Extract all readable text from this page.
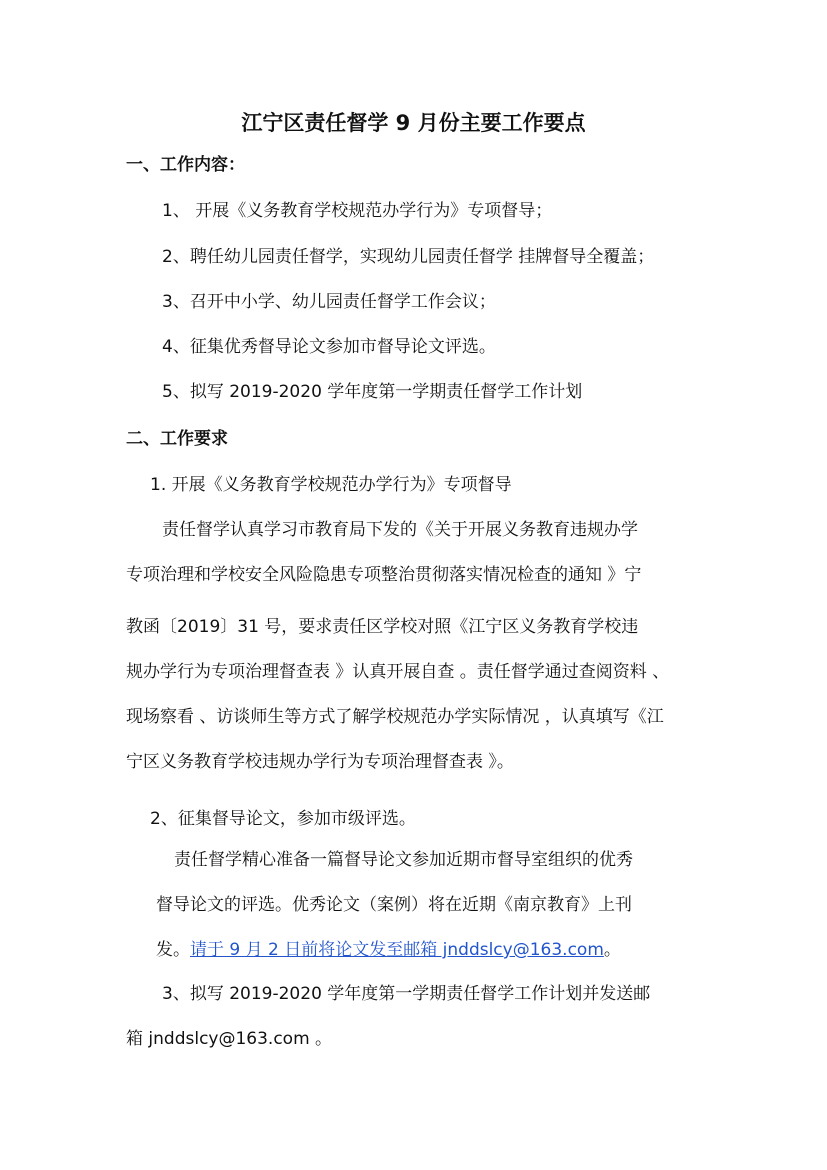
江宁区责任督学 9 月份主要工作要点
一、工作内容：
1、 开展《义务教育学校规范办学行为》专项督导；
2、聘任幼儿园责任督学，实现幼儿园责任督学 挂牌督导全覆盖；
3、召开中小学、幼儿园责任督学工作会议；
4、征集优秀督导论文参加市督导论文评选。
5、拟写 2019-2020 学年度第一学期责任督学工作计划
二、工作要求
1. 开展《义务教育学校规范办学行为》专项督导
责任督学认真学习市教育局下发的《关于开展义务教育违规办学
专项治理和学校安全风险隐患专项整治贯彻落实情况检查的通知 》宁
教函〔2019〕31 号，要求责任区学校对照《江宁区义务教育学校违
规办学行为专项治理督查表 》认真开展自查 。责任督学通过查阅资料 、
现场察看 、访谈师生等方式了解学校规范办学实际情况 ，认真填写《江
宁区义务教育学校违规办学行为专项治理督查表 》。
2、征集督导论文，参加市级评选。
责任督学精心准备一篇督导论文参加近期市督导室组织的优秀
督导论文的评选。优秀论文（案例）将在近期《南京教育》上刊
发。请于 9 月 2 日前将论文发至邮箱 jnddslcy@163.com。
3、拟写 2019-2020 学年度第一学期责任督学工作计划并发送邮
箱 jnddslcy@163.com 。
